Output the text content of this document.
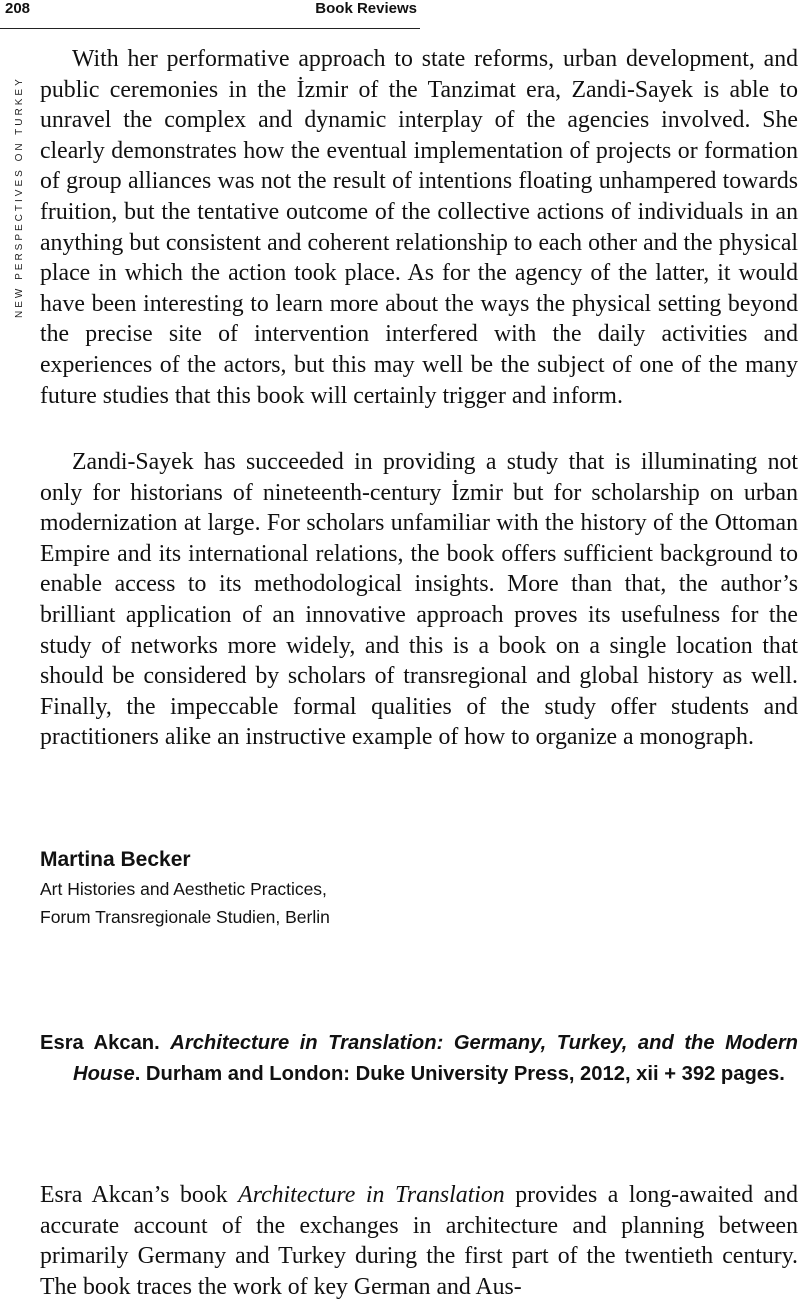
208	Book Reviews
NEW PERSPECTIVES ON TURKEY

With her performative approach to state reforms, urban development, and public ceremonies in the İzmir of the Tanzimat era, Zandi-Sayek is able to unravel the complex and dynamic interplay of the agencies involved. She clearly demonstrates how the eventual implementation of projects or formation of group alliances was not the result of intentions floating unhampered towards fruition, but the tentative outcome of the collective actions of individuals in an anything but consistent and coherent relationship to each other and the physical place in which the action took place. As for the agency of the latter, it would have been interesting to learn more about the ways the physical setting beyond the precise site of intervention interfered with the daily activities and experiences of the actors, but this may well be the subject of one of the many future studies that this book will certainly trigger and inform.

Zandi-Sayek has succeeded in providing a study that is illuminating not only for historians of nineteenth-century İzmir but for scholarship on urban modernization at large. For scholars unfamiliar with the history of the Ottoman Empire and its international relations, the book offers sufficient background to enable access to its methodological insights. More than that, the author’s brilliant application of an innovative approach proves its usefulness for the study of networks more widely, and this is a book on a single location that should be considered by scholars of transregional and global history as well. Finally, the impeccable formal qualities of the study offer students and practitioners alike an instructive example of how to organize a monograph.

Martina Becker
Art Histories and Aesthetic Practices,
Forum Transregionale Studien, Berlin

Esra Akcan. Architecture in Translation: Germany, Turkey, and the Modern House. Durham and London: Duke University Press, 2012, xii + 392 pages.

Esra Akcan’s book Architecture in Translation provides a long-awaited and accurate account of the exchanges in architecture and planning between primarily Germany and Turkey during the first part of the twentieth century. The book traces the work of key German and Aus-
